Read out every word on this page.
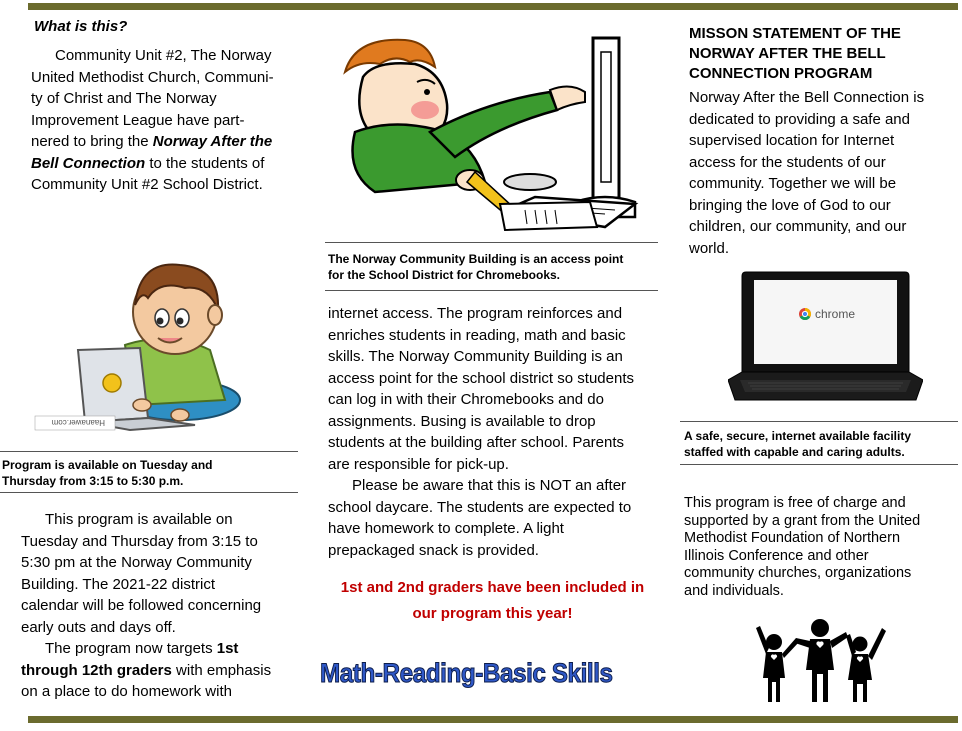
What is this?
Community Unit #2, The Norway
United Methodist Church, Communi-
ty of Christ and The Norway
Improvement League have part-
nered to bring the Norway After the
Bell Connection to the students of
Community Unit #2 School District.
Haanawer.com
Program is available on Tuesday and
Thursday from 3:15 to 5:30 p.m.
This program is available on
Tuesday and Thursday from 3:15 to
5:30 pm at the Norway Community
Building. The 2021-22 district
calendar will be followed concerning
early outs and days off.
The program now targets 1st
through 12th graders with emphasis
on a place to do homework with
The Norway Community Building is an access point
for the School District for Chromebooks.
internet access. The program reinforces and
enriches students in reading, math and basic
skills. The Norway Community Building is an
access point for the school district so students
can log in with their Chromebooks and do
assignments. Busing is available to drop
students at the building after school. Parents
are responsible for pick-up.
Please be aware that this is NOT an after
school daycare. The students are expected to
have homework to complete. A light
prepackaged snack is provided.
1st and 2nd graders have been included in
our program this year!
Math-Reading-Basic Skills
MISSON STATEMENT OF THE
NORWAY AFTER THE BELL
CONNECTION PROGRAM
Norway After the Bell Connection is
dedicated to providing a safe and
supervised location for Internet
access for the students of our
community. Together we will be
bringing the love of God to our
children, our community, and our
world.
chrome
A safe, secure, internet available facility
staffed with capable and caring adults.
This program is free of charge and
supported by a grant from the United
Methodist Foundation of Northern
Illinois Conference and other
community churches, organizations
and individuals.
